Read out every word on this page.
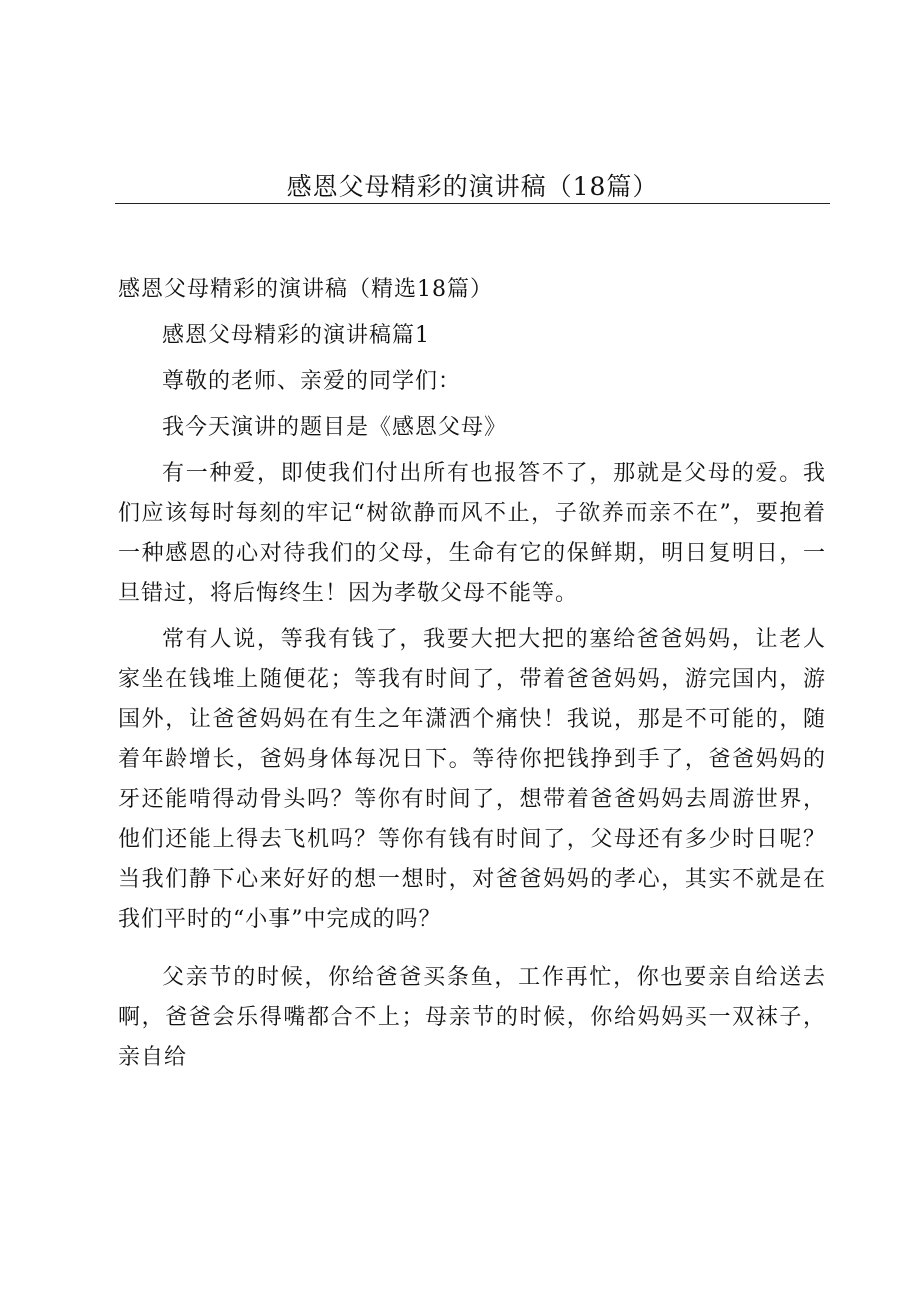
感恩父母精彩的演讲稿（18篇）

感恩父母精彩的演讲稿（精选18篇）

感恩父母精彩的演讲稿篇1

尊敬的老师、亲爱的同学们：

我今天演讲的题目是《感恩父母》

有一种爱，即使我们付出所有也报答不了，那就是父母的爱。我们应该每时每刻的牢记“树欲静而风不止，子欲养而亲不在”，要抱着一种感恩的心对待我们的父母，生命有它的保鲜期，明日复明日，一旦错过，将后悔终生！因为孝敬父母不能等。

常有人说，等我有钱了，我要大把大把的塞给爸爸妈妈，让老人家坐在钱堆上随便花；等我有时间了，带着爸爸妈妈，游完国内，游国外，让爸爸妈妈在有生之年潇洒个痛快！我说，那是不可能的，随着年龄增长，爸妈身体每况日下。等待你把钱挣到手了，爸爸妈妈的牙还能啃得动骨头吗？等你有时间了，想带着爸爸妈妈去周游世界，他们还能上得去飞机吗？等你有钱有时间了，父母还有多少时日呢？当我们静下心来好好的想一想时，对爸爸妈妈的孝心，其实不就是在我们平时的“小事”中完成的吗？

父亲节的时候，你给爸爸买条鱼，工作再忙，你也要亲自给送去啊，爸爸会乐得嘴都合不上；母亲节的时候，你给妈妈买一双袜子，亲自给
